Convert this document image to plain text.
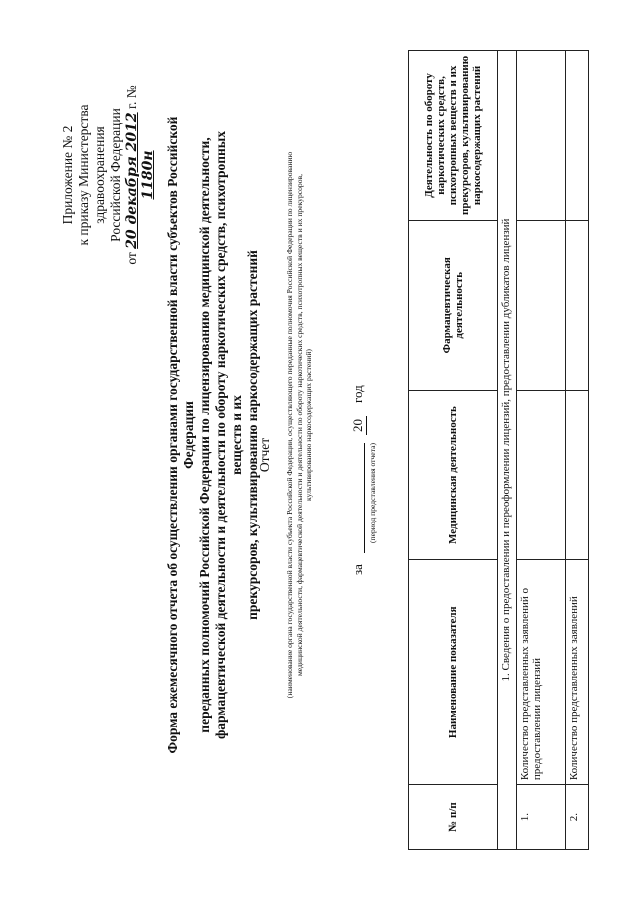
Приложение № 2 к приказу Министерства здравоохранения Российской Федерации
от 20 декабря 2012 г. № 1180н Форма ежемесячного отчета об осуществлении органами государственной власти субъектов Российской Федерации переданных полномочий Российской Федерации по лицензированию медицинской деятельности, фармацевтической деятельности и деятельности по обороту наркотических средств, психотропных веществ и их прекурсоров, культивированию наркосодержащих растений
Отчет (наименование органа государственной власти субъекта Российской Федерации, осуществляющего переданные полномочия Российской Федерации по лицензированию медицинской деятельности, фармацевтической деятельности и деятельности по обороту наркотических средств, психотропных веществ и их прекурсоров, культивированию наркосодержащих растений)
за
20
год
(период представления отчета)
№ п/п	Наименование показателя	Медицинская деятельность	Фармацевтическая деятельность	Деятельность по обороту наркотических средств, психотропных веществ и их прекурсоров, культивированию наркосодержащих растений
1. Сведения о предоставлении и переоформлении лицензий, предоставлении дубликатов лицензий				
1.	Количество представленных заявлений о предоставлении лицензий			
2.	Количество представленных заявлений			
